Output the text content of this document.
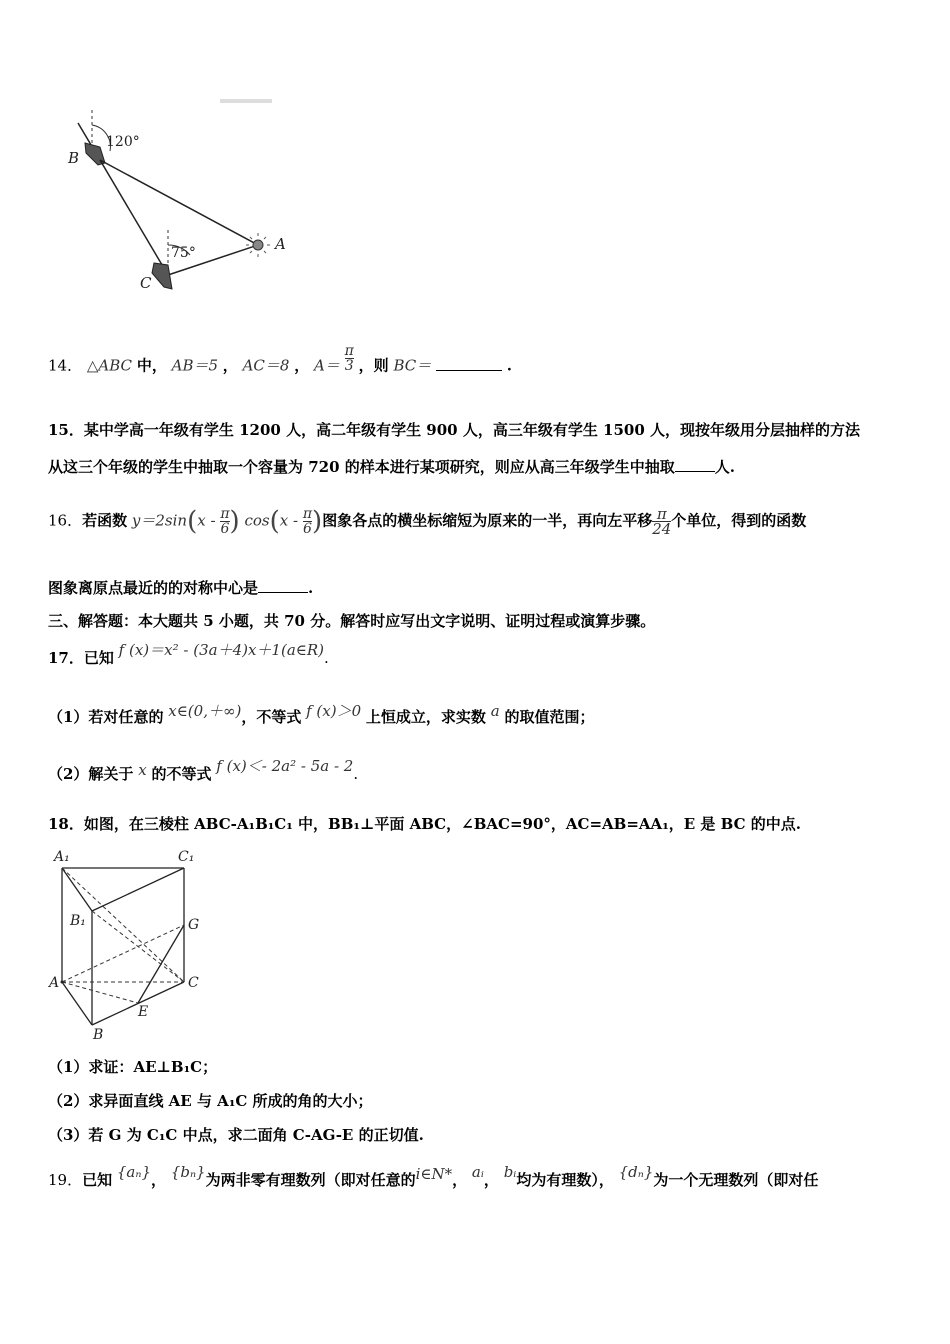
120°
75°	A
B
C
14． △ABC 中， AB＝5 ， AC＝8 ， $A= \frac{\pi}{3}$ ，则 BC＝	.
15．某中学高一年级有学生 1200 人，高二年级有学生 900 人，高三年级有学生 1500 人，现按年级用分层抽样的方法
从这三个年级的学生中抽取一个容量为 720 的样本进行某项研究，则应从高三年级学生中抽取	人.
16．若函数 $y=2\sin(x - \frac{\pi}{6}$ ) $\cos(x - \frac{\pi}{6}$ )图象各点的横坐标缩短为原来的一半，再向左平移 $\frac{\pi}{24}$ 个单位，得到的函数
图象离原点最近的的对称中心是	.
三、解答题：本大题共 5 小题，共 70 分。解答时应写出文字说明、证明过程或演算步骤。
17．已知 f (x)＝x² - (3a＋4)x＋1(a∈R).
（1）若对任意的 x∈(0,＋∞)，不等式 f (x)＞0 上恒成立，求实数 a 的取值范围；
（2）解关于 x 的不等式 f (x)＜- 2a² - 5a - 2.
18．如图，在三棱柱 ABC-A₁B₁C₁ 中，BB₁⊥平面 ABC，∠BAC=90°，AC=AB=AA₁，E 是 BC 的中点.
A₁	C₁
B₁	G
A	C
E
B
（1）求证：AE⊥B₁C；
（2）求异面直线 AE 与 A₁C 所成的角的大小；
（3）若 G 为 C₁C 中点，求二面角 C-AG-E 的正切值.
19．已知 {aₙ}， {bₙ}为两非零有理数列（即对任意的i∈N*， aᵢ， bᵢ均为有理数）， {dₙ}为一个无理数列（即对任
